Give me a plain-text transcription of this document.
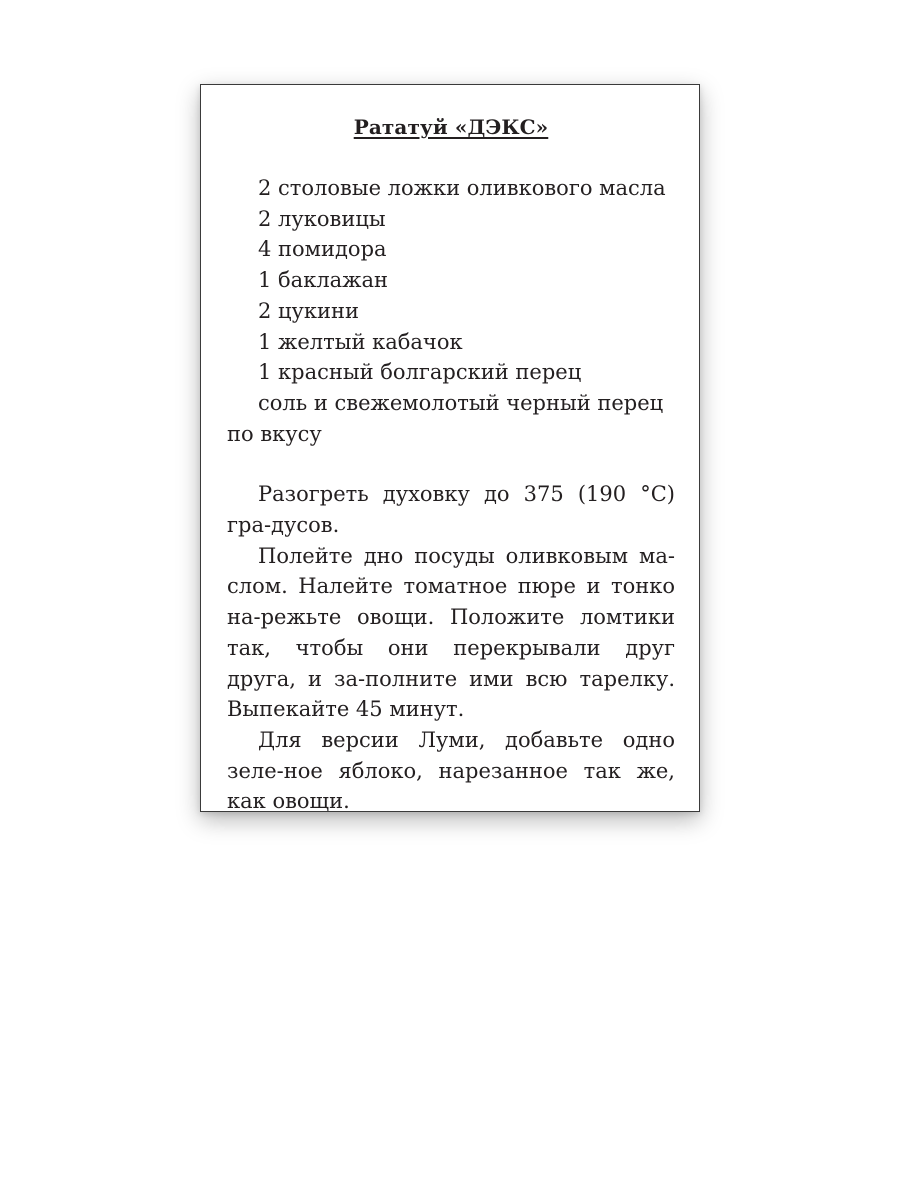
Рататуй «ДЭКС»
2 столовые ложки оливкового масла
2 луковицы
4 помидора
1 баклажан
2 цукини
1 желтый кабачок
1 красный болгарский перец
соль и свежемолотый черный перец по вкусу

Разогреть духовку до 375 (190 °С) гра-дусов.

Полейте дно посуды оливковым ма-слом. Налейте томатное пюре и тонко на-режьте овощи. Положите ломтики так, чтобы они перекрывали друг друга, и за-полните ими всю тарелку. Выпекайте 45 минут.

Для версии Луми, добавьте одно зеле-ное яблоко, нарезанное так же, как овощи.
